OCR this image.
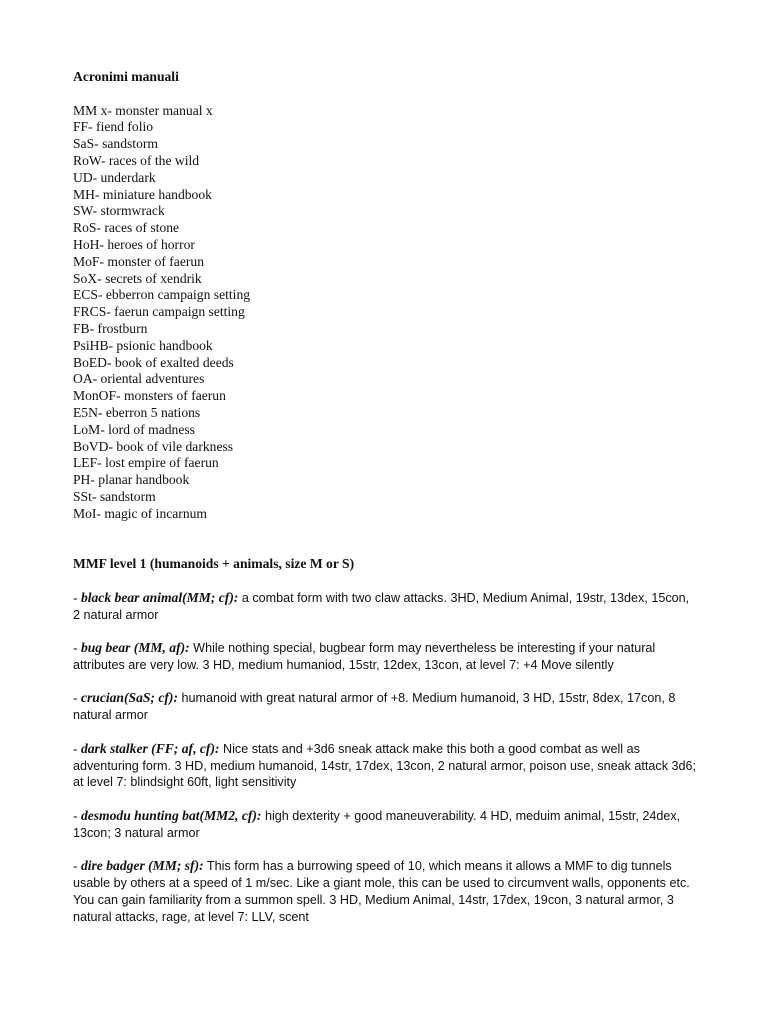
Acronimi manuali

MM x- monster manual x
FF- fiend folio
SaS- sandstorm
RoW- races of the wild
UD- underdark
MH- miniature handbook
SW- stormwrack
RoS- races of stone
HoH- heroes of horror
MoF- monster of faerun
SoX- secrets of xendrik
ECS- ebberron campaign setting
FRCS- faerun campaign setting
FB- frostburn
PsiHB- psionic handbook
BoED- book of exalted deeds
OA- oriental adventures
MonOF- monsters of faerun
E5N- eberron 5 nations
LoM- lord of madness
BoVD- book of vile darkness
LEF- lost empire of faerun
PH- planar handbook
SSt- sandstorm
MoI- magic of incarnum

MMF level 1 (humanoids + animals, size M or S)

- black bear animal(MM; cf): a combat form with two claw attacks. 3HD, Medium Animal, 19str, 13dex, 15con, 2 natural armor

- bug bear (MM, af): While nothing special, bugbear form may nevertheless be interesting if your natural attributes are very low. 3 HD, medium humaniod, 15str, 12dex, 13con, at level 7: +4 Move silently

- crucian(SaS; cf): humanoid with great natural armor of +8. Medium humanoid, 3 HD, 15str, 8dex, 17con, 8 natural armor

- dark stalker (FF; af, cf): Nice stats and +3d6 sneak attack make this both a good combat as well as adventuring form. 3 HD, medium humanoid, 14str, 17dex, 13con, 2 natural armor, poison use, sneak attack 3d6; at level 7: blindsight 60ft, light sensitivity

- desmodu hunting bat(MM2, cf): high dexterity + good maneuverability. 4 HD, meduim animal, 15str, 24dex, 13con; 3 natural armor

- dire badger (MM; sf): This form has a burrowing speed of 10, which means it allows a MMF to dig tunnels usable by others at a speed of 1 m/sec. Like a giant mole, this can be used to circumvent walls, opponents etc. You can gain familiarity from a summon spell. 3 HD, Medium Animal, 14str, 17dex, 19con, 3 natural armor, 3 natural attacks, rage, at level 7: LLV, scent
